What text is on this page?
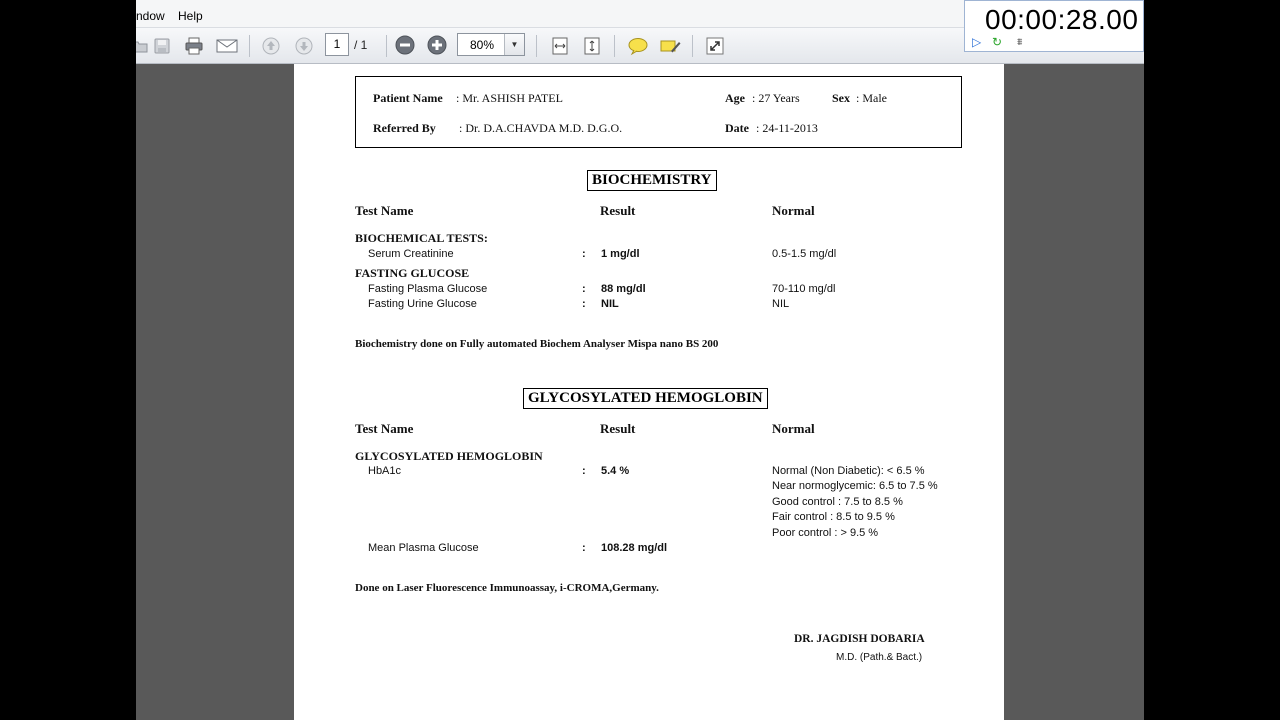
ndow Help
1	/ 1	80%	▼
Patient Name : Mr. ASHISH PATEL	Age : 27 Years	Sex : Male
Referred By : Dr. D.A.CHAVDA M.D. D.G.O.	Date : 24-11-2013
BIOCHEMISTRY
Test Name	Result	Normal
BIOCHEMICAL TESTS:
Serum Creatinine	: 1 mg/dl	0.5-1.5 mg/dl
FASTING GLUCOSE
Fasting Plasma Glucose	: 88 mg/dl	70-110 mg/dl
Fasting Urine Glucose	: NIL	NIL
Biochemistry done on Fully automated Biochem Analyser Mispa nano BS 200
GLYCOSYLATED HEMOGLOBIN
Test Name	Result	Normal
GLYCOSYLATED HEMOGLOBIN
HbA1c	: 5.4 %	Normal (Non Diabetic): < 6.5 %
Near normoglycemic: 6.5 to 7.5 %
Good control : 7.5 to 8.5 %
Fair control : 8.5 to 9.5 %
Poor control : > 9.5 %
Mean Plasma Glucose	: 108.28 mg/dl
Done on Laser Fluorescence Immunoassay, i-CROMA,Germany.
DR. JAGDISH DOBARIA
M.D. (Path.& Bact.)
00:00:28.00
▷ ↻ ⩩
